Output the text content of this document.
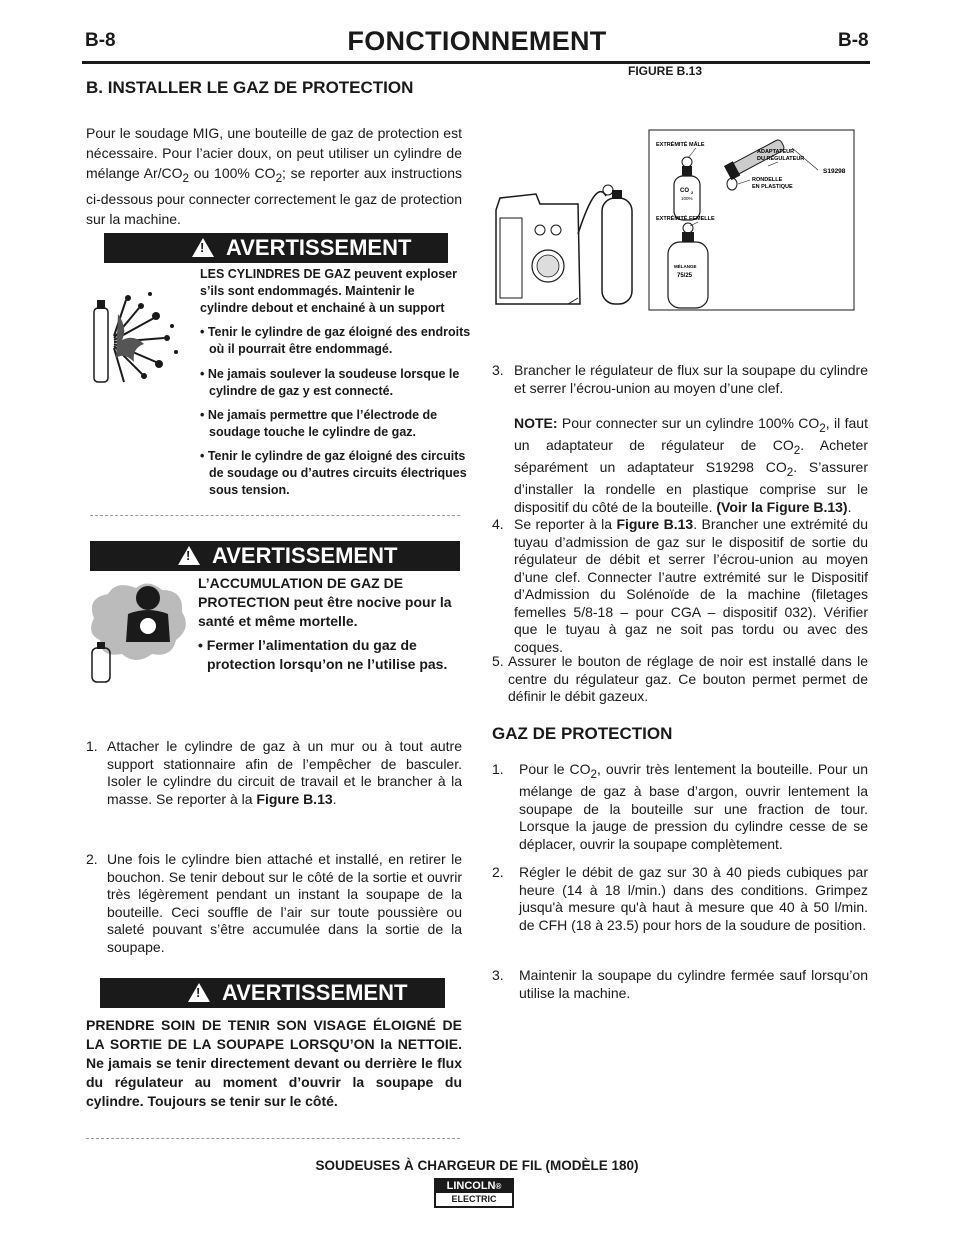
B-8	FONCTIONNEMENT	B-8
FIGURE B.13
B. INSTALLER LE GAZ DE PROTECTION
Pour le soudage MIG, une bouteille de gaz de protection est nécessaire. Pour l’acier doux, on peut utiliser un cylindre de mélange $Ar/CO_2$ ou 100% $CO_2$; se reporter aux instructions ci-dessous pour connecter correctement le gaz de protection sur la machine.
! AVERTISSEMENT
LES CYLINDRES DE GAZ peuvent exploser s’ils sont endommagés. Maintenir le cylindre debout et enchainé à un support
• Tenir le cylindre de gaz éloigné des endroits où il pourrait être endommagé.
• Ne jamais soulever la soudeuse lorsque le cylindre de gaz y est connecté.
• Ne jamais permettre que l’électrode de soudage touche le cylindre de gaz.
• Tenir le cylindre de gaz éloigné des circuits de soudage ou d’autres circuits électriques sous tension.
! AVERTISSEMENT
L’ACCUMULATION DE GAZ DE PROTECTION peut être nocive pour la santé et même mortelle.
• Fermer l’alimentation du gaz de protection lorsqu’on ne l’utilise pas.
1. Attacher le cylindre de gaz à un mur ou à tout autre support stationnaire afin de l’empêcher de basculer. Isoler le cylindre du circuit de travail et le brancher à la masse. Se reporter à la Figure B.13.
2. Une fois le cylindre bien attaché et installé, en retirer le bouchon. Se tenir debout sur le côté de la sortie et ouvrir très légèrement pendant un instant la soupape de la bouteille. Ceci souffle de l’air sur toute poussière ou saleté pouvant s’être accumulée dans la sortie de la soupape.
! AVERTISSEMENT
PRENDRE SOIN DE TENIR SON VISAGE ÉLOIGNÉ DE LA SORTIE DE LA SOUPAPE LORSQU’ON la NETTOIE. Ne jamais se tenir directement devant ou derrière le flux du régulateur au moment d’ouvrir la soupape du cylindre. Toujours se tenir sur le côté.
EXTRÉMITÉ MÂLE
ADAPTATEUR
DU RÉGULATEUR
RONDELLE
EN PLASTIQUE
S19298
CO 2
100%
EXTRÉMITÉ FEMELLE
MÉLANGE
75/25
3. Brancher le régulateur de flux sur la soupape du cylindre et serrer l’écrou-union au moyen d’une clef.

NOTE: Pour connecter sur un cylindre 100% $CO_2$, il faut un adaptateur de régulateur de $CO_2$. Acheter séparément un adaptateur S19298 $CO_2$. S’assurer d’installer la rondelle en plastique comprise sur le dispositif du côté de la bouteille. (Voir la Figure B.13).
4. Se reporter à la Figure B.13. Brancher une extrémité du tuyau d’admission de gaz sur le dispositif de sortie du régulateur de débit et serrer l’écrou-union au moyen d’une clef. Connecter l’autre extrémité sur le Dispositif d’Admission du Solénoïde de la machine (filetages femelles 5/8-18 – pour CGA – dispositif 032). Vérifier que le tuyau à gaz ne soit pas tordu ou avec des coques.
5. Assurer le bouton de réglage de noir est installé dans le centre du régulateur gaz. Ce bouton permet permet de définir le débit gazeux.
GAZ DE PROTECTION
1. Pour le $CO_2$, ouvrir très lentement la bouteille. Pour un mélange de gaz à base d’argon, ouvrir lentement la soupape de la bouteille sur une fraction de tour. Lorsque la jauge de pression du cylindre cesse de se déplacer, ouvrir la soupape complètement.
2. Régler le débit de gaz sur 30 à 40 pieds cubiques par heure (14 à 18 l/min.) dans des conditions. Grimpez jusqu'à mesure qu'à haut à mesure que 40 à 50 l/min. de CFH (18 à 23.5) pour hors de la soudure de position.
3. Maintenir la soupape du cylindre fermée sauf lorsqu’on utilise la machine.
SOUDEUSES À CHARGEUR DE FIL (MODÈLE 180)
LINCOLN®
ELECTRIC
